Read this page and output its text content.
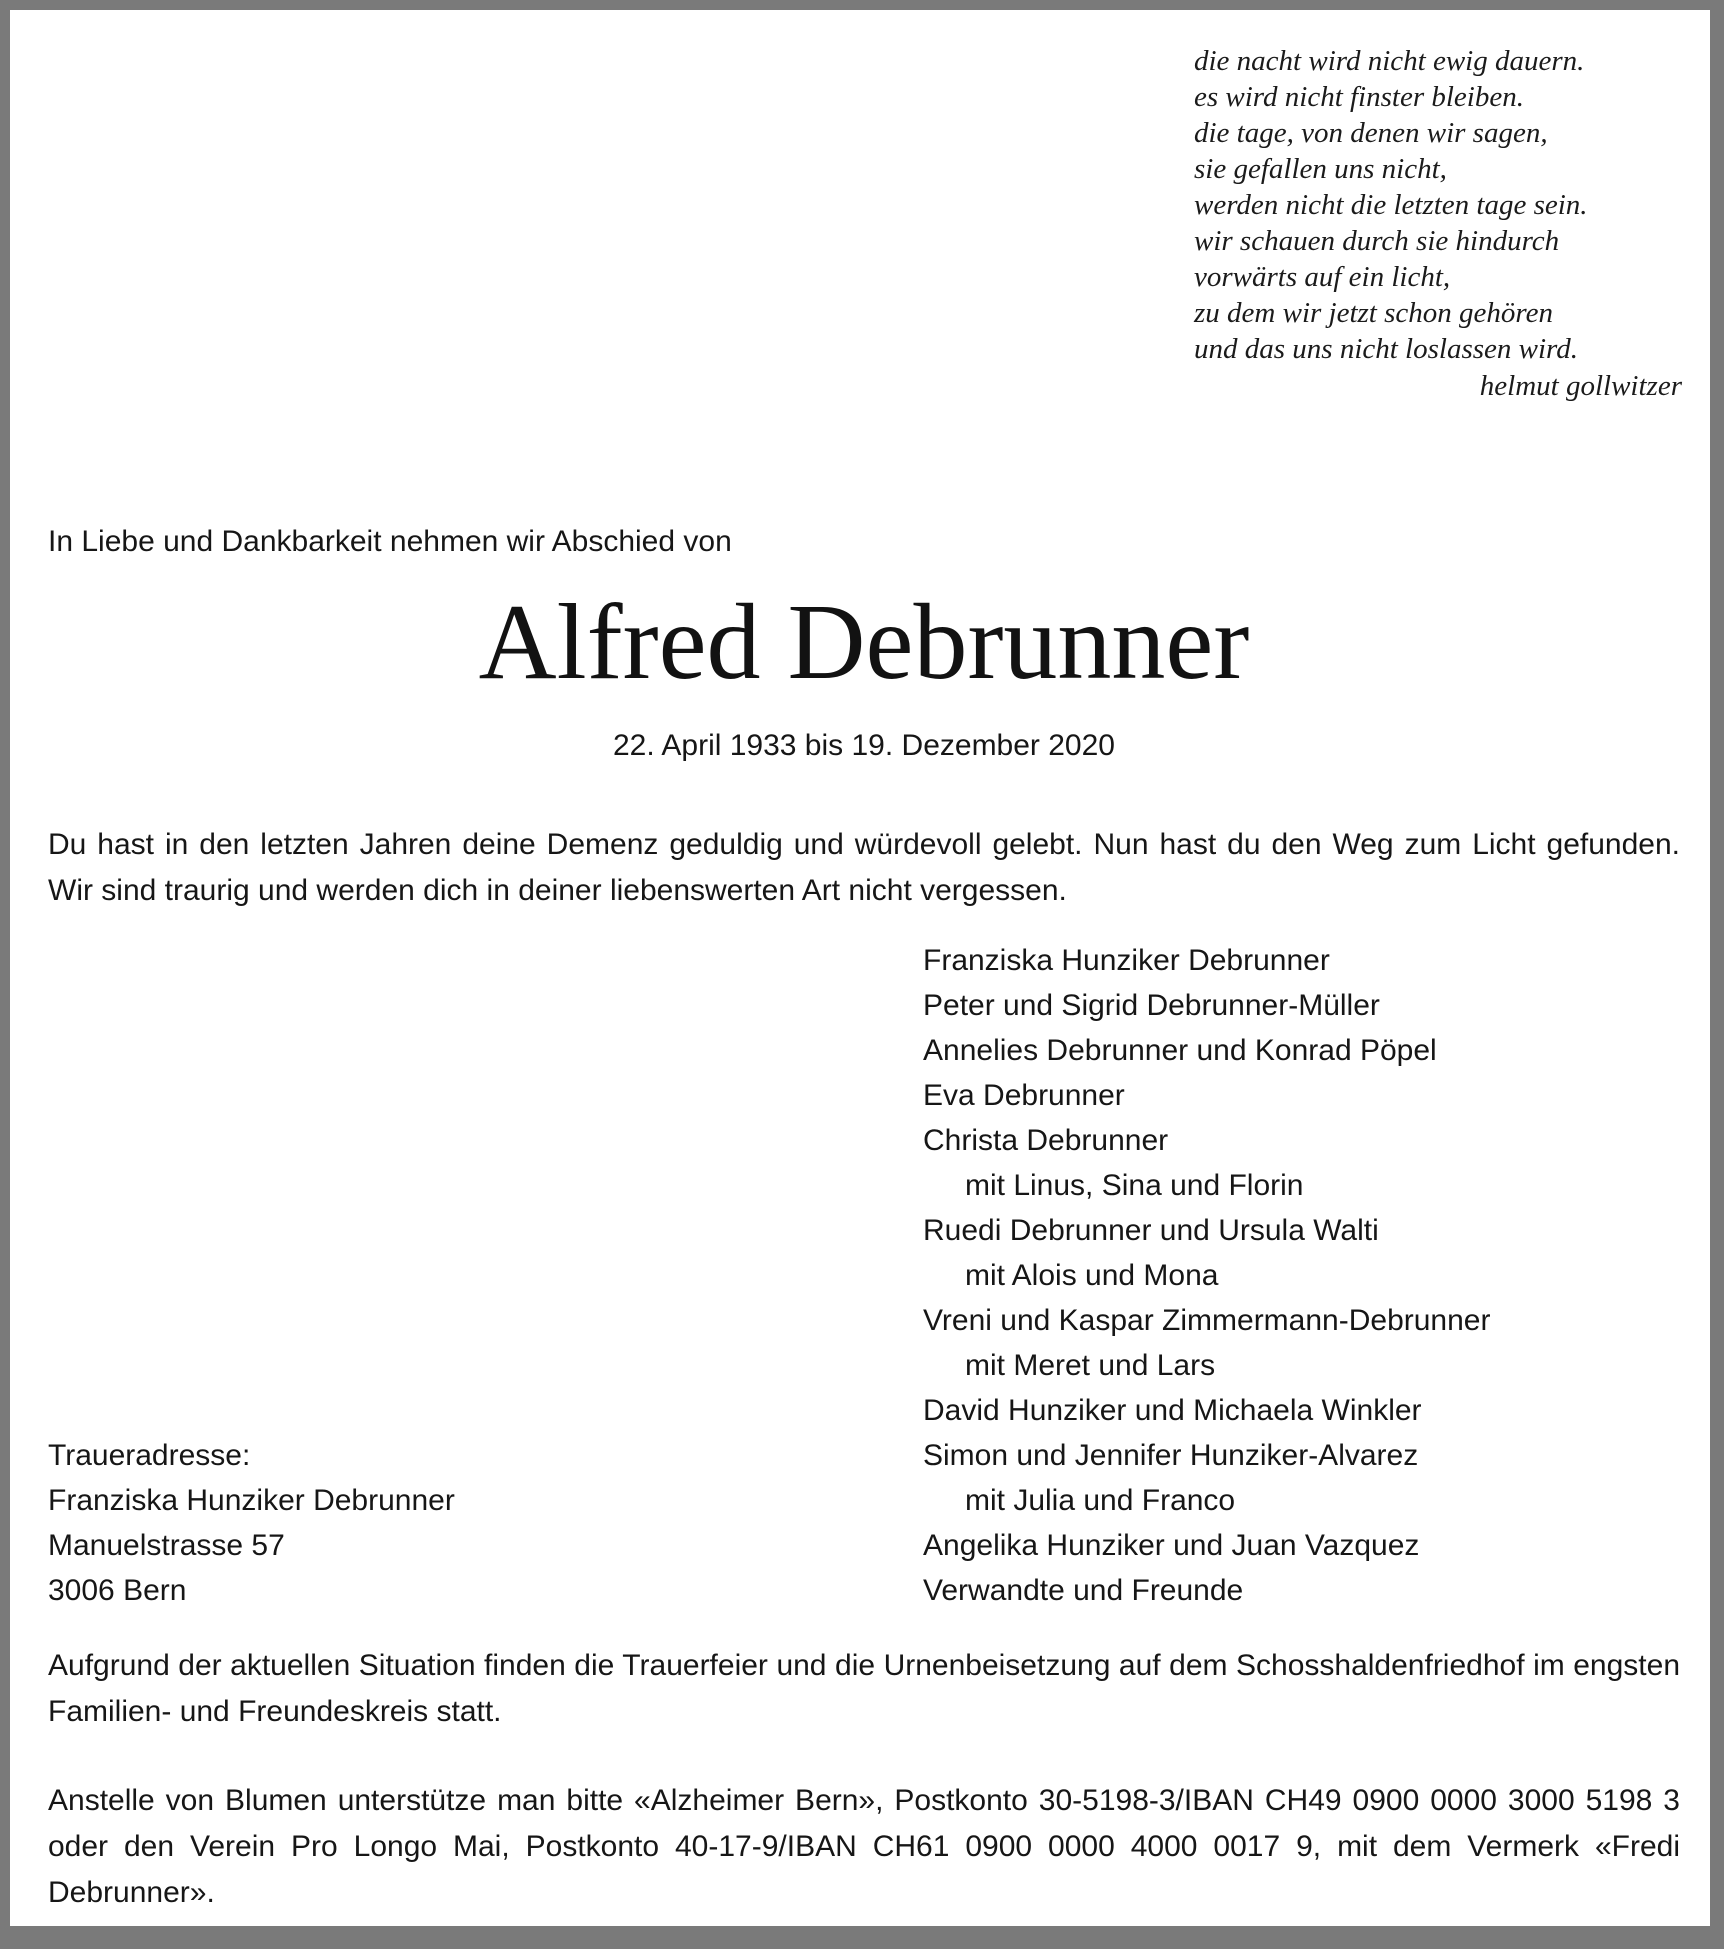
die nacht wird nicht ewig dauern.
es wird nicht finster bleiben.
die tage, von denen wir sagen,
sie gefallen uns nicht,
werden nicht die letzten tage sein.
wir schauen durch sie hindurch
vorwärts auf ein licht,
zu dem wir jetzt schon gehören
und das uns nicht loslassen wird.
helmut gollwitzer

In Liebe und Dankbarkeit nehmen wir Abschied von

Alfred Debrunner

22. April 1933 bis 19. Dezember 2020

Du hast in den letzten Jahren deine Demenz geduldig und würdevoll gelebt. Nun hast du den Weg zum Licht gefunden. Wir sind traurig und werden dich in deiner liebenswerten Art nicht vergessen.

Franziska Hunziker Debrunner
Peter und Sigrid Debrunner-Müller
Annelies Debrunner und Konrad Pöpel
Eva Debrunner
Christa Debrunner
mit Linus, Sina und Florin
Ruedi Debrunner und Ursula Walti
mit Alois und Mona
Vreni und Kaspar Zimmermann-Debrunner
mit Meret und Lars
David Hunziker und Michaela Winkler
Simon und Jennifer Hunziker-Alvarez
mit Julia und Franco
Angelika Hunziker und Juan Vazquez
Verwandte und Freunde
Traueradresse:
Franziska Hunziker Debrunner
Manuelstrasse 57
3006 Bern

Aufgrund der aktuellen Situation finden die Trauerfeier und die Urnenbeisetzung auf dem Schosshaldenfriedhof im engsten Familien- und Freundeskreis statt.

Anstelle von Blumen unterstütze man bitte «Alzheimer Bern», Postkonto 30-5198-3/IBAN CH49 0900 0000 3000 5198 3 oder den Verein Pro Longo Mai, Postkonto 40-17-9/IBAN CH61 0900 0000 4000 0017 9, mit dem Vermerk «Fredi Debrunner».
